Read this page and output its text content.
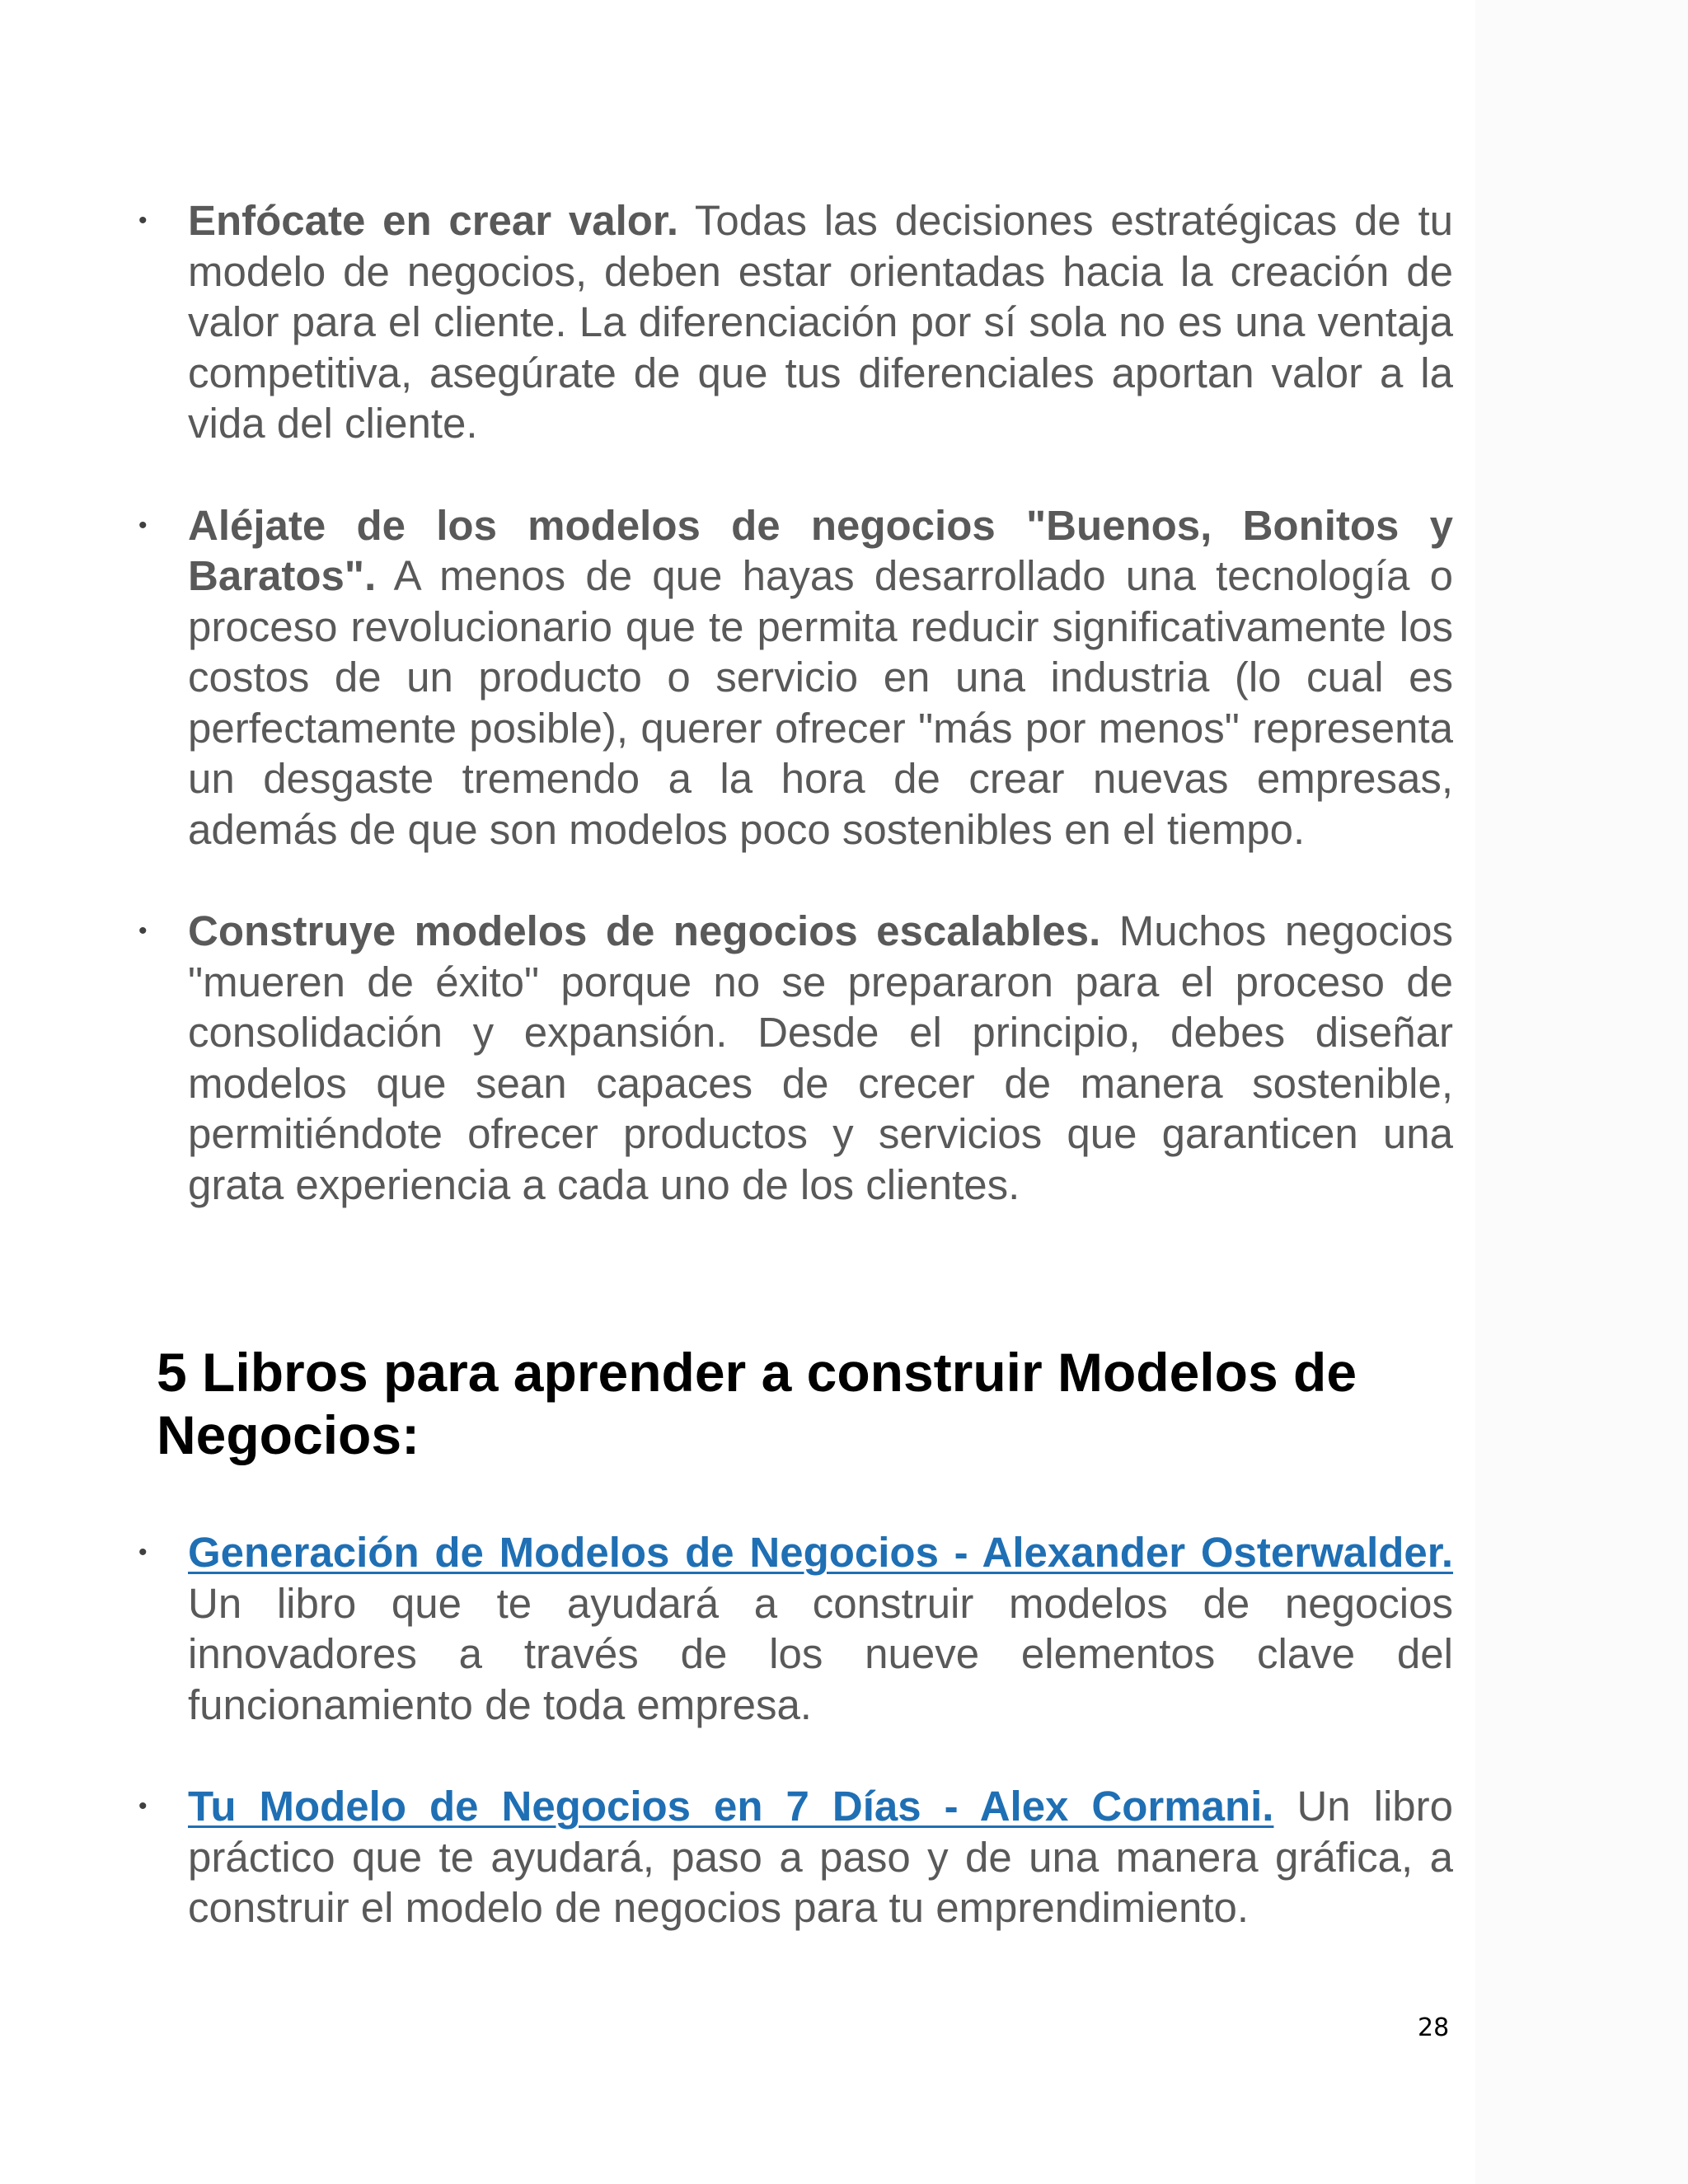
• Enfócate en crear valor. Todas las decisiones estratégicas de tu modelo de negocios, deben estar orientadas hacia la creación de valor para el cliente. La diferenciación por sí sola no es una ventaja competitiva, asegúrate de que tus diferenciales aportan valor a la vida del cliente.
• Aléjate de los modelos de negocios "Buenos, Bonitos y Baratos". A menos de que hayas desarrollado una tecnología o proceso revolucionario que te permita reducir significativamente los costos de un producto o servicio en una industria (lo cual es perfectamente posible), querer ofrecer "más por menos" representa un desgaste tremendo a la hora de crear nuevas empresas, además de que son modelos poco sostenibles en el tiempo.
• Construye modelos de negocios escalables. Muchos negocios "mueren de éxito" porque no se prepararon para el proceso de consolidación y expansión. Desde el principio, debes diseñar modelos que sean capaces de crecer de manera sostenible, permitiéndote ofrecer productos y servicios que garanticen una grata experiencia a cada uno de los clientes.
5 Libros para aprender a construir Modelos de Negocios:
• Generación de Modelos de Negocios - Alexander Osterwalder. Un libro que te ayudará a construir modelos de negocios innovadores a través de los nueve elementos clave del funcionamiento de toda empresa.
• Tu Modelo de Negocios en 7 Días - Alex Cormani. Un libro práctico que te ayudará, paso a paso y de una manera gráfica, a construir el modelo de negocios para tu emprendimiento.
28
